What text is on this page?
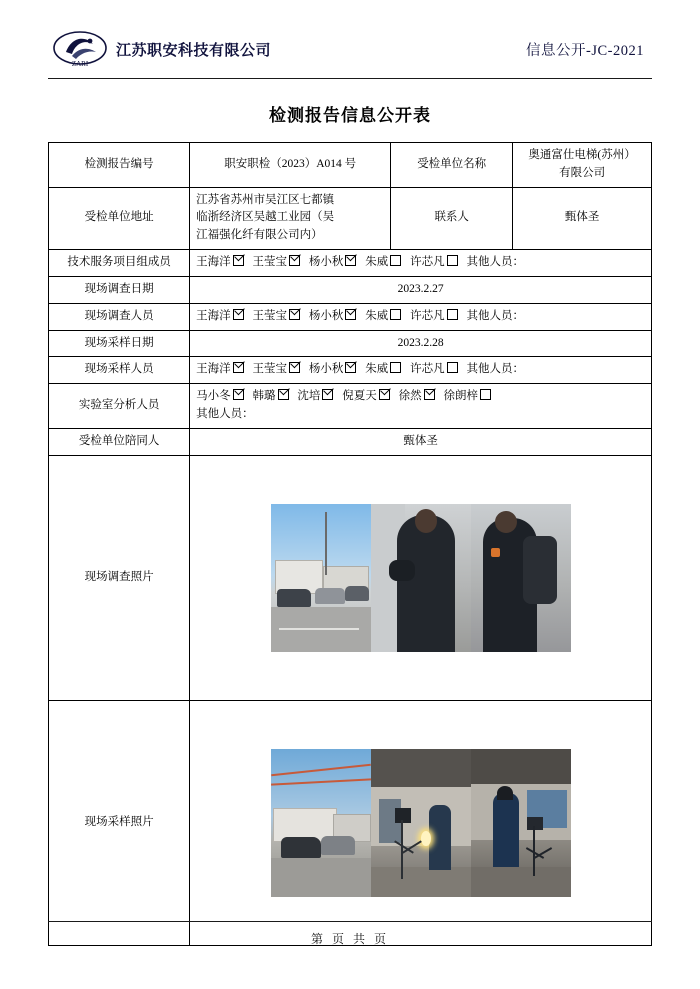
ZARI
江苏职安科技有限公司	信息公开-JC-2021
检测报告信息公开表
检测报告编号	职安职检（2023）A014 号	受检单位名称	奥通富仕电梯(苏州）
有限公司

受检单位地址	江苏省苏州市吴江区七都镇
临浙经济区吴越工业园（吴
江福强化纤有限公司内）	联系人	甄体圣
技术服务项目组成员	王海洋 王莹宝 杨小秋 朱威 许芯凡 其他人员：		
现场调查日期	2023.2.27		
现场调查人员	王海洋 王莹宝 杨小秋 朱威 许芯凡 其他人员：		
现场采样日期	2023.2.28		
现场采样人员	王海洋 王莹宝 杨小秋 朱威 许芯凡 其他人员：		
实验室分析人员	马小冬 韩璐 沈培 倪夏天 徐然 徐朗梓
其他人员：		

受检单位陪同人	甄体圣		
现场调查照片			

现场采样照片			
第 页 共 页
